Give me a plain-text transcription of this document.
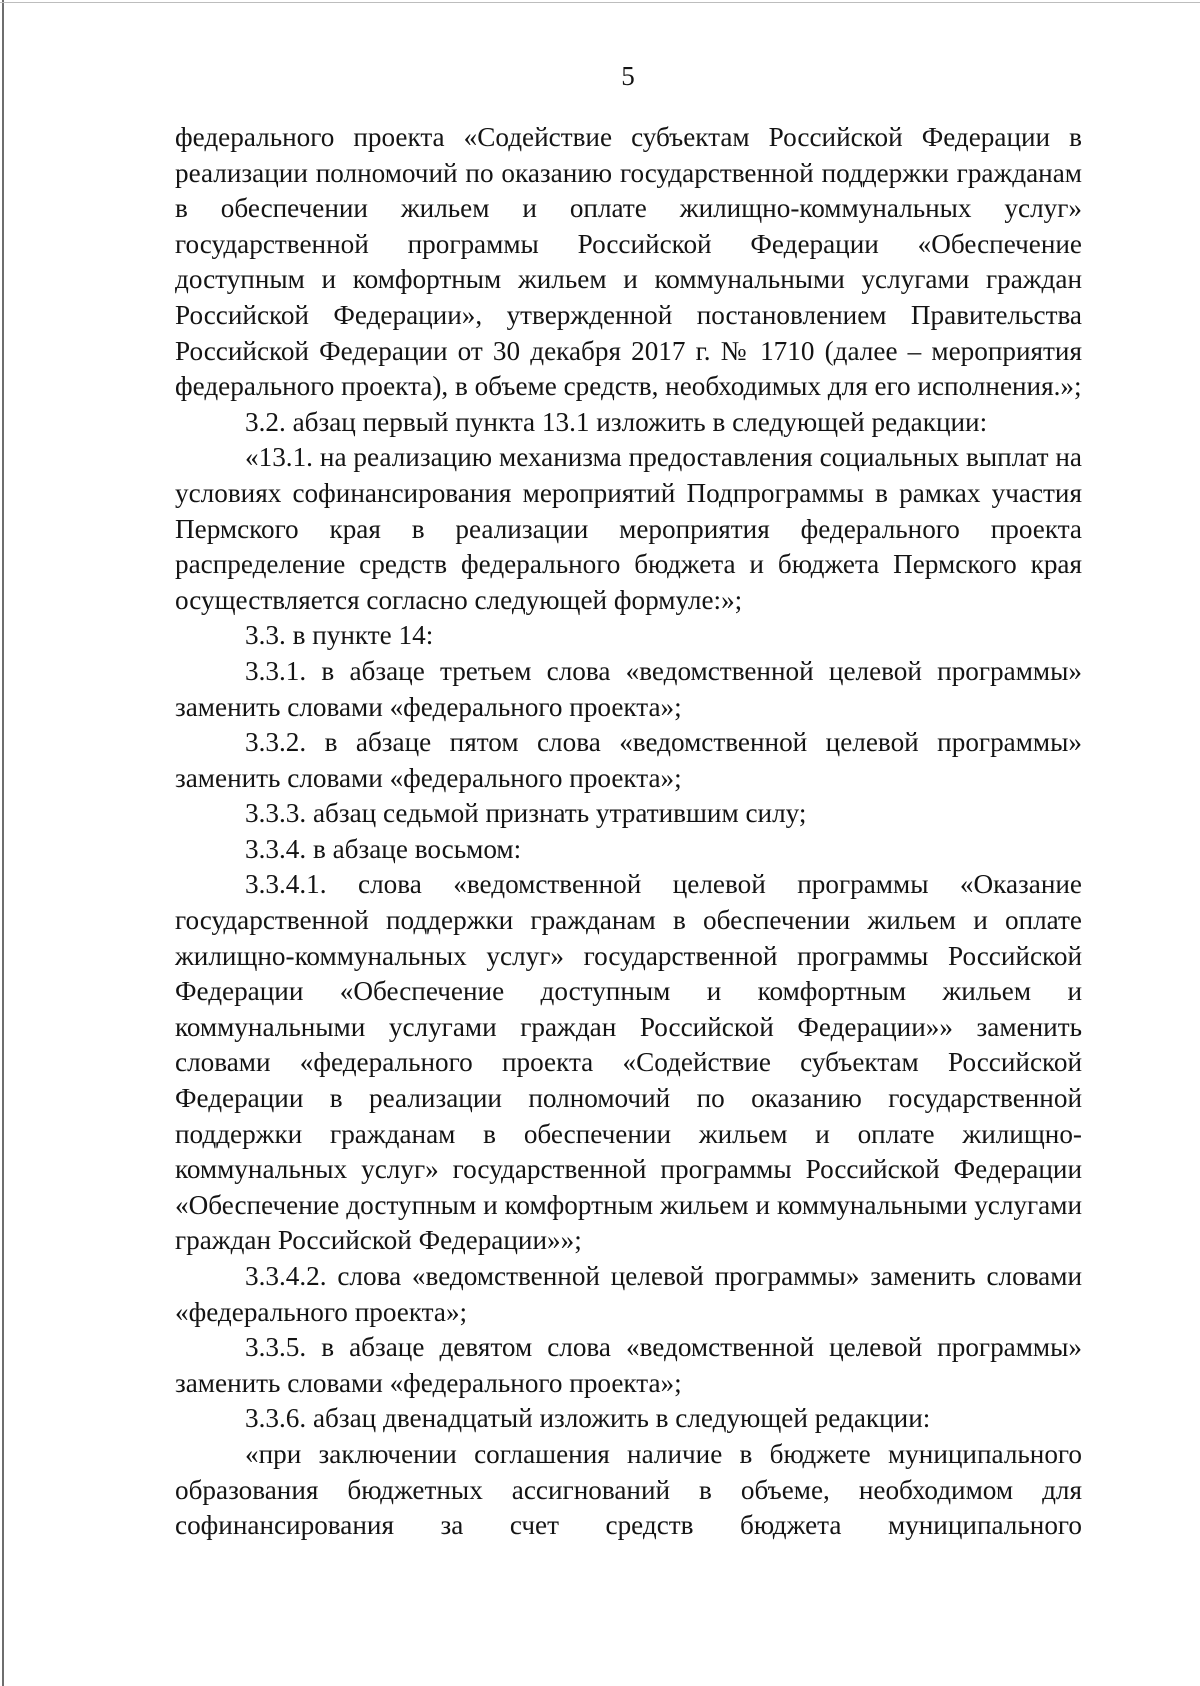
5

федерального проекта «Содействие субъектам Российской Федерации в реализации полномочий по оказанию государственной поддержки гражданам в обеспечении жильем и оплате жилищно-коммунальных услуг» государственной программы Российской Федерации «Обеспечение доступным и комфортным жильем и коммунальными услугами граждан Российской Федерации», утвержденной постановлением Правительства Российской Федерации от 30 декабря 2017 г. № 1710 (далее – мероприятия федерального проекта), в объеме средств, необходимых для его исполнения.»;

3.2. абзац первый пункта 13.1 изложить в следующей редакции:

«13.1. на реализацию механизма предоставления социальных выплат на условиях софинансирования мероприятий Подпрограммы в рамках участия Пермского края в реализации мероприятия федерального проекта распределение средств федерального бюджета и бюджета Пермского края осуществляется согласно следующей формуле:»;

3.3. в пункте 14:

3.3.1. в абзаце третьем слова «ведомственной целевой программы» заменить словами «федерального проекта»;

3.3.2. в абзаце пятом слова «ведомственной целевой программы» заменить словами «федерального проекта»;

3.3.3. абзац седьмой признать утратившим силу;

3.3.4. в абзаце восьмом:

3.3.4.1. слова «ведомственной целевой программы «Оказание государственной поддержки гражданам в обеспечении жильем и оплате жилищно-коммунальных услуг» государственной программы Российской Федерации «Обеспечение доступным и комфортным жильем и коммунальными услугами граждан Российской Федерации»» заменить словами «федерального проекта «Содействие субъектам Российской Федерации в реализации полномочий по оказанию государственной поддержки гражданам в обеспечении жильем и оплате жилищно-коммунальных услуг» государственной программы Российской Федерации «Обеспечение доступным и комфортным жильем и коммунальными услугами граждан Российской Федерации»»;

3.3.4.2. слова «ведомственной целевой программы» заменить словами «федерального проекта»;

3.3.5. в абзаце девятом слова «ведомственной целевой программы» заменить словами «федерального проекта»;

3.3.6. абзац двенадцатый изложить в следующей редакции:

«при заключении соглашения наличие в бюджете муниципального образования бюджетных ассигнований в объеме, необходимом для софинансирования за счет средств бюджета муниципального
